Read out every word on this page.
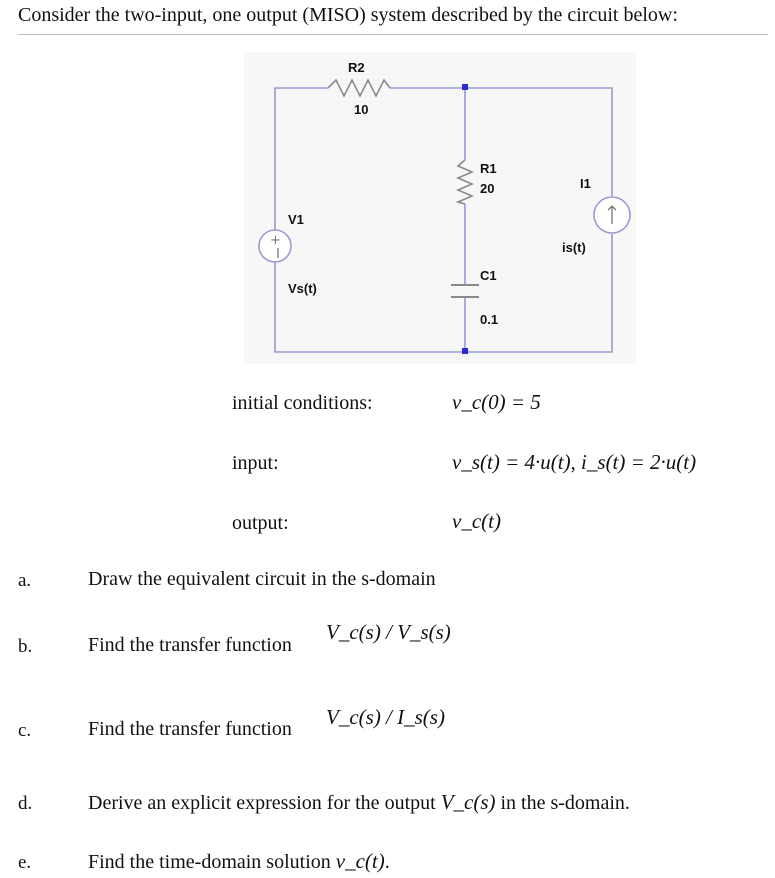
Consider the two-input, one output (MISO) system described by the circuit below:
+
R2
10
R1
20
C1
0.1
V1
Vs(t)
I1
is(t)
initial conditions:	v_c(0) = 5
input:	v_s(t) = 4·u(t), i_s(t) = 2·u(t)
output:	v_c(t)
a.	Draw the equivalent circuit in the s-domain
b.	Find the transfer function
V_c(s) / V_s(s)
c.	Find the transfer function V_c(s) / I_s(s)
d.	Derive an explicit expression for the output V_c(s) in the s-domain.
e.	Find the time-domain solution v_c(t).
